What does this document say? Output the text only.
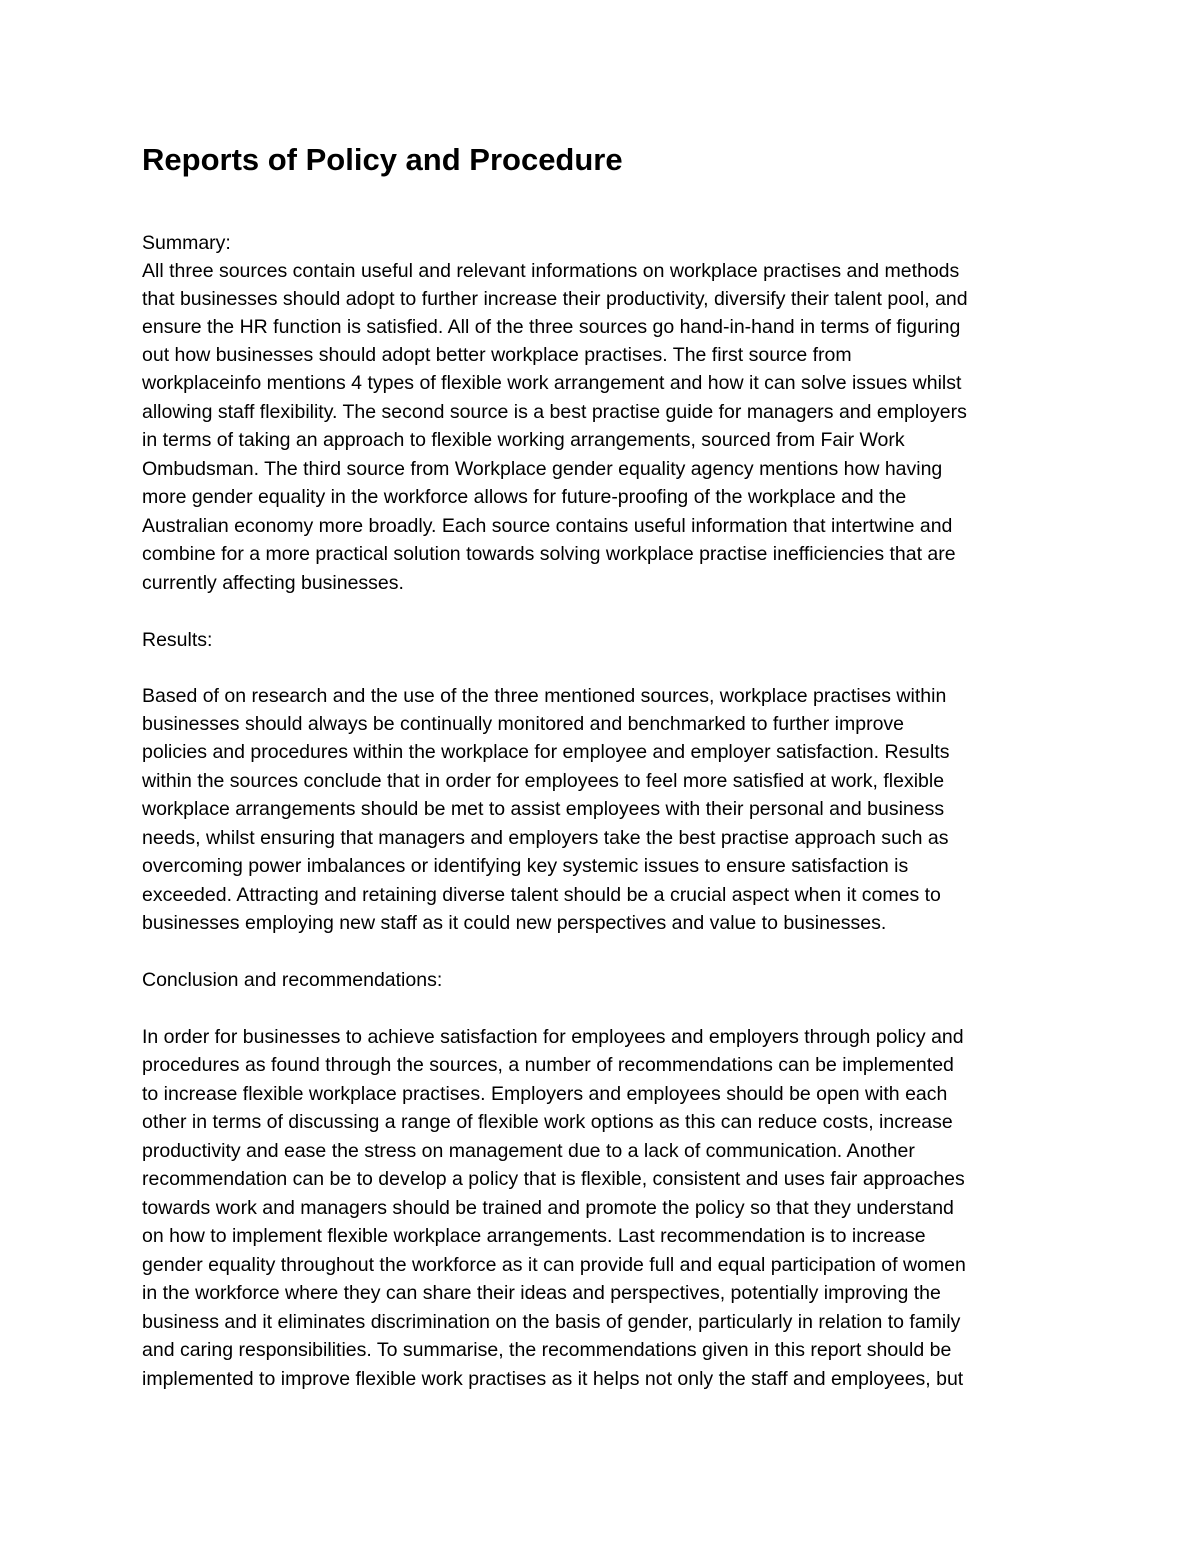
Reports of Policy and Procedure

Summary:

All three sources contain useful and relevant informations on workplace practises and methods

that businesses should adopt to further increase their productivity, diversify their talent pool, and

ensure the HR function is satisfied. All of the three sources go hand-in-hand in terms of figuring

out how businesses should adopt better workplace practises. The first source from

workplaceinfo mentions 4 types of flexible work arrangement and how it can solve issues whilst

allowing staff flexibility. The second source is a best practise guide for managers and employers

in terms of taking an approach to flexible working arrangements, sourced from Fair Work

Ombudsman. The third source from Workplace gender equality agency mentions how having

more gender equality in the workforce allows for future-proofing of the workplace and the

Australian economy more broadly. Each source contains useful information that intertwine and

combine for a more practical solution towards solving workplace practise inefficiencies that are

currently affecting businesses.

Results:

Based of on research and the use of the three mentioned sources, workplace practises within

businesses should always be continually monitored and benchmarked to further improve

policies and procedures within the workplace for employee and employer satisfaction. Results

within the sources conclude that in order for employees to feel more satisfied at work, flexible

workplace arrangements should be met to assist employees with their personal and business

needs, whilst ensuring that managers and employers take the best practise approach such as

overcoming power imbalances or identifying key systemic issues to ensure satisfaction is

exceeded. Attracting and retaining diverse talent should be a crucial aspect when it comes to

businesses employing new staff as it could new perspectives and value to businesses.

Conclusion and recommendations:

In order for businesses to achieve satisfaction for employees and employers through policy and

procedures as found through the sources, a number of recommendations can be implemented

to increase flexible workplace practises. Employers and employees should be open with each

other in terms of discussing a range of flexible work options as this can reduce costs, increase

productivity and ease the stress on management due to a lack of communication. Another

recommendation can be to develop a policy that is flexible, consistent and uses fair approaches

towards work and managers should be trained and promote the policy so that they understand

on how to implement flexible workplace arrangements. Last recommendation is to increase

gender equality throughout the workforce as it can provide full and equal participation of women

in the workforce where they can share their ideas and perspectives, potentially improving the

business and it eliminates discrimination on the basis of gender, particularly in relation to family

and caring responsibilities. To summarise, the recommendations given in this report should be

implemented to improve flexible work practises as it helps not only the staff and employees, but
